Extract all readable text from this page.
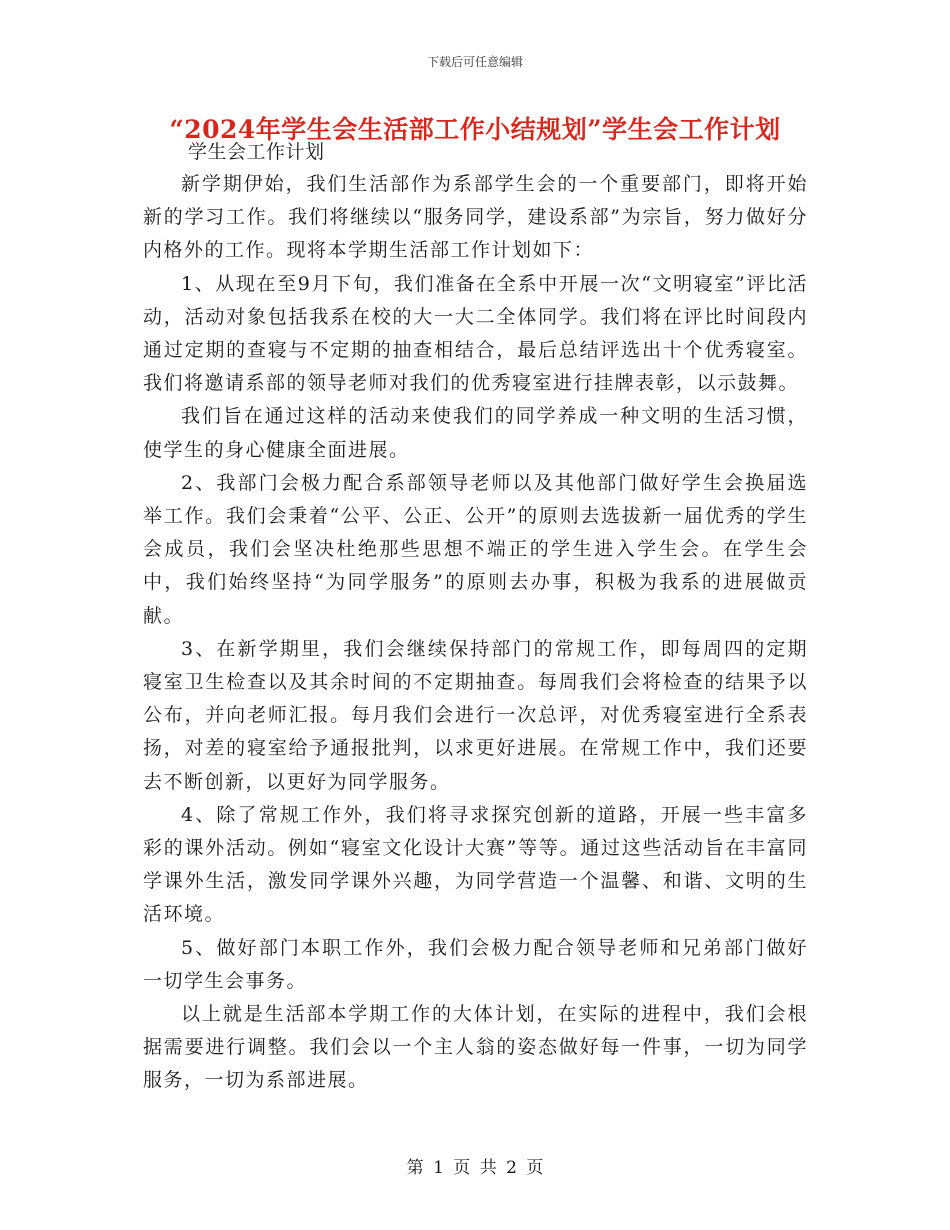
下载后可任意编辑
“2024年学生会生活部工作小结规划”学生会工作计划
学生会工作计划

新学期伊始，我们生活部作为系部学生会的一个重要部门，即将开始新的学习工作。我们将继续以“服务同学，建设系部”为宗旨，努力做好分内格外的工作。现将本学期生活部工作计划如下：

1、从现在至9月下旬，我们准备在全系中开展一次“文明寝室”评比活动，活动对象包括我系在校的大一大二全体同学。我们将在评比时间段内通过定期的查寝与不定期的抽查相结合，最后总结评选出十个优秀寝室。我们将邀请系部的领导老师对我们的优秀寝室进行挂牌表彰，以示鼓舞。

我们旨在通过这样的活动来使我们的同学养成一种文明的生活习惯，使学生的身心健康全面进展。

2、我部门会极力配合系部领导老师以及其他部门做好学生会换届选举工作。我们会秉着“公平、公正、公开”的原则去选拔新一届优秀的学生会成员，我们会坚决杜绝那些思想不端正的学生进入学生会。在学生会中，我们始终坚持“为同学服务”的原则去办事，积极为我系的进展做贡献。

3、在新学期里，我们会继续保持部门的常规工作，即每周四的定期寝室卫生检查以及其余时间的不定期抽查。每周我们会将检查的结果予以公布，并向老师汇报。每月我们会进行一次总评，对优秀寝室进行全系表扬，对差的寝室给予通报批判，以求更好进展。在常规工作中，我们还要去不断创新，以更好为同学服务。

4、除了常规工作外，我们将寻求探究创新的道路，开展一些丰富多彩的课外活动。例如“寝室文化设计大赛”等等。通过这些活动旨在丰富同学课外生活，激发同学课外兴趣，为同学营造一个温馨、和谐、文明的生活环境。

5、做好部门本职工作外，我们会极力配合领导老师和兄弟部门做好一切学生会事务。

以上就是生活部本学期工作的大体计划，在实际的进程中，我们会根据需要进行调整。我们会以一个主人翁的姿态做好每一件事，一切为同学服务，一切为系部进展。

第 1 页 共 2 页
